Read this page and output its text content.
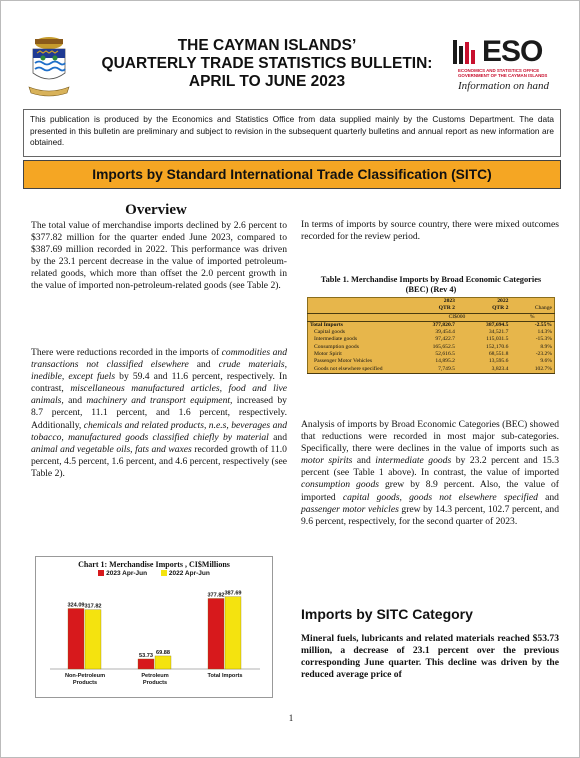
THE CAYMAN ISLANDS’
QUARTERLY TRADE STATISTICS BULLETIN:
APRIL TO JUNE 2023
ESO
ECONOMICS AND STATISTICS OFFICE GOVERNMENT OF THE CAYMAN ISLANDS
Information on hand
This publication is produced by the Economics and Statistics Office from data supplied mainly by the Customs Department. The data presented in this bulletin are preliminary and subject to revision in the subsequent quarterly bulletins and annual report as new information are obtained.
Imports by Standard International Trade Classification (SITC)
Overview
The total value of merchandise imports declined by 2.6 percent to $377.82 million for the quarter ended June 2023, compared to $387.69 million recorded in 2022. This performance was driven by the 23.1 percent decrease in the value of imported petroleum-related goods, which more than offset the 2.0 percent growth in the value of imported non-petroleum-related goods (see Table 2).
There were reductions recorded in the imports of commodities and transactions not classified elsewhere and crude materials, inedible, except fuels by 59.4 and 11.6 percent, respectively. In contrast, miscellaneous manufactured articles, food and live animals, and machinery and transport equipment, increased by 8.7 percent, 11.1 percent, and 1.6 percent, respectively. Additionally, chemicals and related products, n.e.s, beverages and tobacco, manufactured goods classified chiefly by material and animal and vegetable oils, fats and waxes recorded growth of 11.0 percent, 4.5 percent, 1.6 percent, and 4.6 percent, respectively (see Table 2).
Chart 1: Merchandise Imports , CI$Millions
2023 Apr-Jun	2022 Apr-Jun
324.09 317.82
Non-Petroleum
Products
53.73
69.88
Petroleum
Products
377.82 387.69
Total Imports
In terms of imports by source country, there were mixed outcomes recorded for the review period.
Table 1. Merchandise Imports by Broad Economic Categories (BEC) (Rev 4)
	2023	2022	
	QTR 2	QTR 2	Change
	CI$000		%
Total Imports	377,820.7	387,694.5	-2.55%
Capital goods	39,454.4	34,521.7	14.3%
Intermediate goods	97,422.7	115,031.5	-15.3%
Consumption goods	165,652.5	152,170.6	8.9%
Motor Spirit	52,616.5	68,551.8	-23.2%
Passenger Motor Vehicles	14,895.2	13,595.6	9.6%
Goods not elsewhere specified	7,749.5	3,823.4	102.7%
Analysis of imports by Broad Economic Categories (BEC) showed that reductions were recorded in most major sub-categories. Specifically, there were declines in the value of imports such as motor spirits and intermediate goods by 23.2 percent and 15.3 percent (see Table 1 above). In contrast, the value of imported consumption goods grew by 8.9 percent. Also, the value of imported capital goods, goods not elsewhere specified and passenger motor vehicles grew by 14.3 percent, 102.7 percent, and 9.6 percent, respectively, for the second quarter of 2023.
Imports by SITC Category
Mineral fuels, lubricants and related materials reached $53.73 million, a decrease of 23.1 percent over the previous corresponding June quarter. This decline was driven by the reduced average price of
1
